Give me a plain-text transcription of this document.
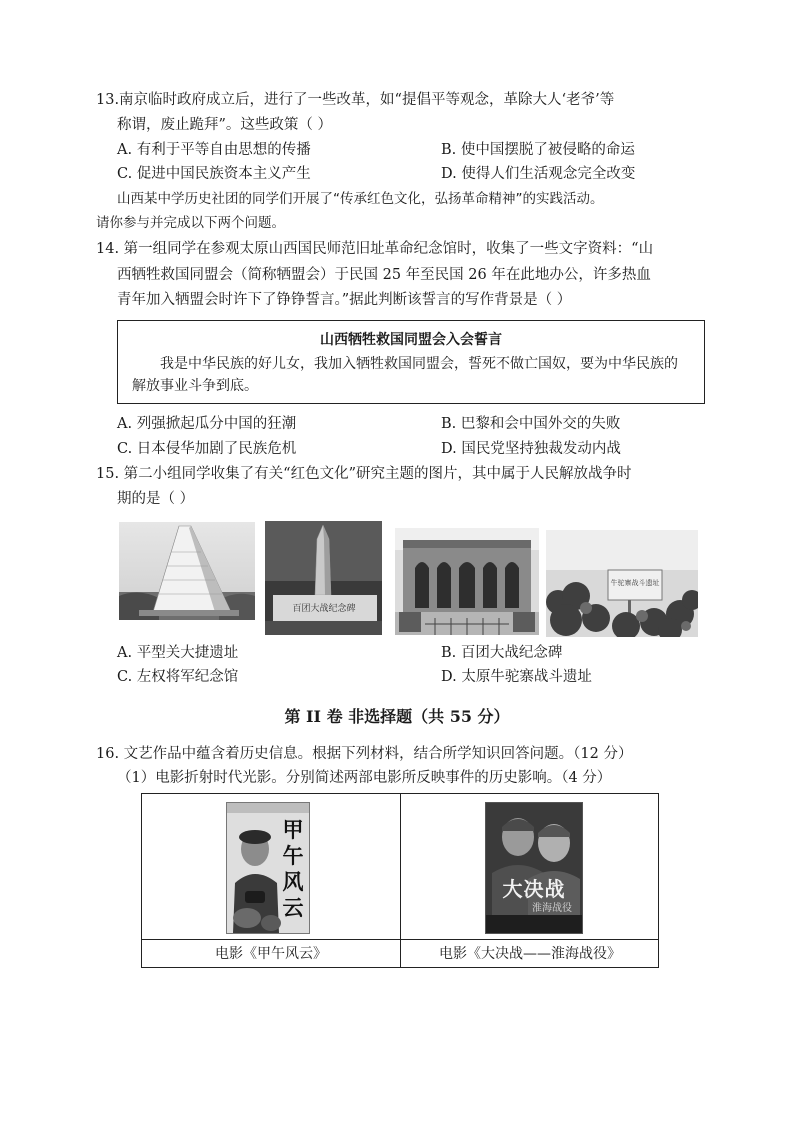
13.南京临时政府成立后，进行了一些改革，如“提倡平等观念，革除大人‘老爷’等
称谓，废止跪拜”。这些政策（ ）
A. 有利于平等自由思想的传播	B. 使中国摆脱了被侵略的命运
C. 促进中国民族资本主义产生	D. 使得人们生活观念完全改变
山西某中学历史社团的同学们开展了“传承红色文化，弘扬革命精神”的实践活动。
请你参与并完成以下两个问题。
14. 第一组同学在参观太原山西国民师范旧址革命纪念馆时，收集了一些文字资料：“山
西牺牲救国同盟会（简称牺盟会）于民国 25 年至民国 26 年在此地办公，许多热血
青年加入牺盟会时许下了铮铮誓言。”据此判断该誓言的写作背景是（ ）
山西牺牲救国同盟会入会誓言
我是中华民族的好儿女，我加入牺牲救国同盟会，誓死不做亡国奴，要为中华民族的解放事业斗争到底。
A. 列强掀起瓜分中国的狂潮	B. 巴黎和会中国外交的失败
C. 日本侵华加剧了民族危机	D. 国民党坚持独裁发动内战
15. 第二小组同学收集了有关“红色文化”研究主题的图片，其中属于人民解放战争时
期的是（ ）
百团大战纪念碑
牛驼寨战斗遗址
A. 平型关大捷遗址	B. 百团大战纪念碑
C. 左权将军纪念馆	D. 太原牛驼寨战斗遗址
第 II 卷 非选择题（共 55 分）
16. 文艺作品中蕴含着历史信息。根据下列材料，结合所学知识回答问题。（12 分）
（1）电影折射时代光影。分别简述两部电影所反映事件的历史影响。（4 分）
甲
午
风
云
电影《甲午风云》
大决战
淮海战役
电影《大决战——淮海战役》
